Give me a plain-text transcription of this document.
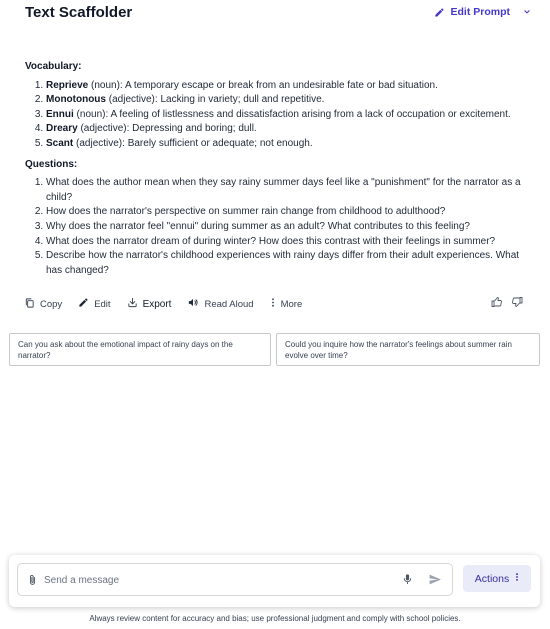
Text Scaffolder	Edit Prompt
Vocabulary:
1. Reprieve (noun): A temporary escape or break from an undesirable fate or bad situation.
2. Monotonous (adjective): Lacking in variety; dull and repetitive.
3. Ennui (noun): A feeling of listlessness and dissatisfaction arising from a lack of occupation or excitement.
4. Dreary (adjective): Depressing and boring; dull.
5. Scant (adjective): Barely sufficient or adequate; not enough.
Questions:
1. What does the author mean when they say rainy summer days feel like a "punishment" for the narrator as a child?
2. How does the narrator's perspective on summer rain change from childhood to adulthood?
3. Why does the narrator feel "ennui" during summer as an adult? What contributes to this feeling?
4. What does the narrator dream of during winter? How does this contrast with their feelings in summer?
5. Describe how the narrator's childhood experiences with rainy days differ from their adult experiences. What has changed?
Copy	Edit	Export	Read Aloud	More
Can you ask about the emotional impact of rainy days on the narrator?
Could you inquire how the narrator's feelings about summer rain evolve over time?
Send a message
Actions
Always review content for accuracy and bias; use professional judgment and comply with school policies.
